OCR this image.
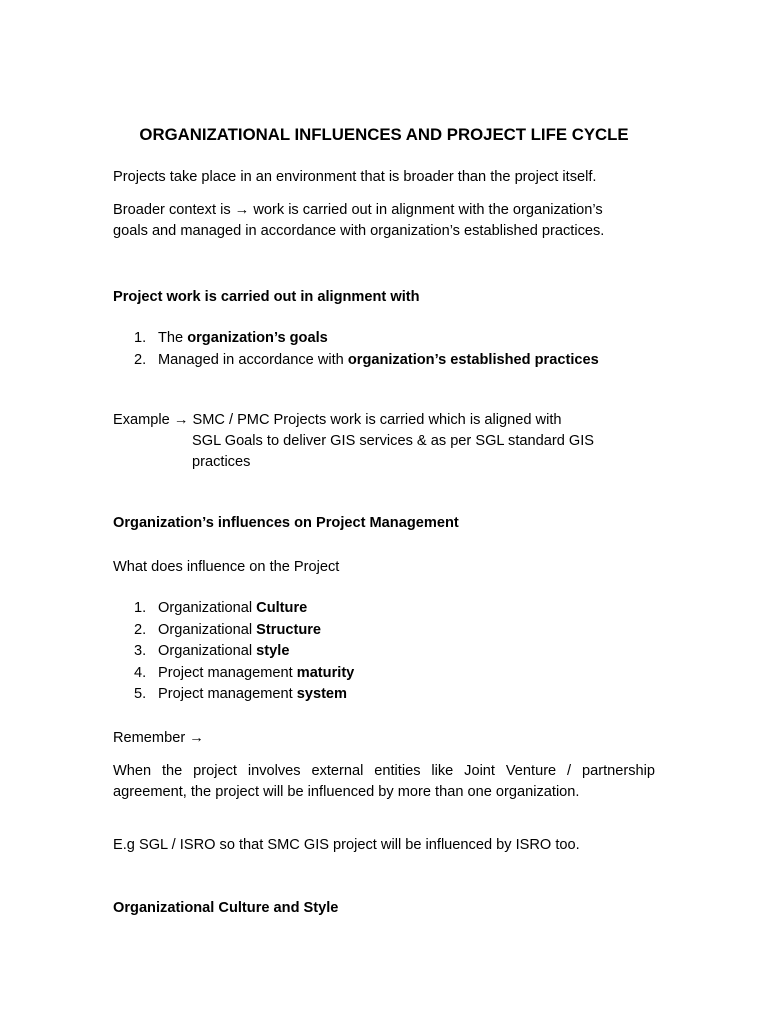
ORGANIZATIONAL INFLUENCES AND PROJECT LIFE CYCLE
Projects take place in an environment that is broader than the project itself.
Broader context is → work is carried out in alignment with the organization’s
goals and managed in accordance with organization’s established practices.
Project work is carried out in alignment with
1. The organization’s goals
2. Managed in accordance with organization’s established practices
Example → SMC / PMC Projects work is carried which is aligned with
SGL Goals to deliver GIS services & as per SGL standard GIS
practices
Organization’s influences on Project Management
What does influence on the Project
1. Organizational Culture
2. Organizational Structure
3. Organizational style
4. Project management maturity
5. Project management system
Remember →
When the project involves external entities like Joint Venture / partnership agreement, the project will be influenced by more than one organization.
E.g SGL / ISRO so that SMC GIS project will be influenced by ISRO too.
Organizational Culture and Style
